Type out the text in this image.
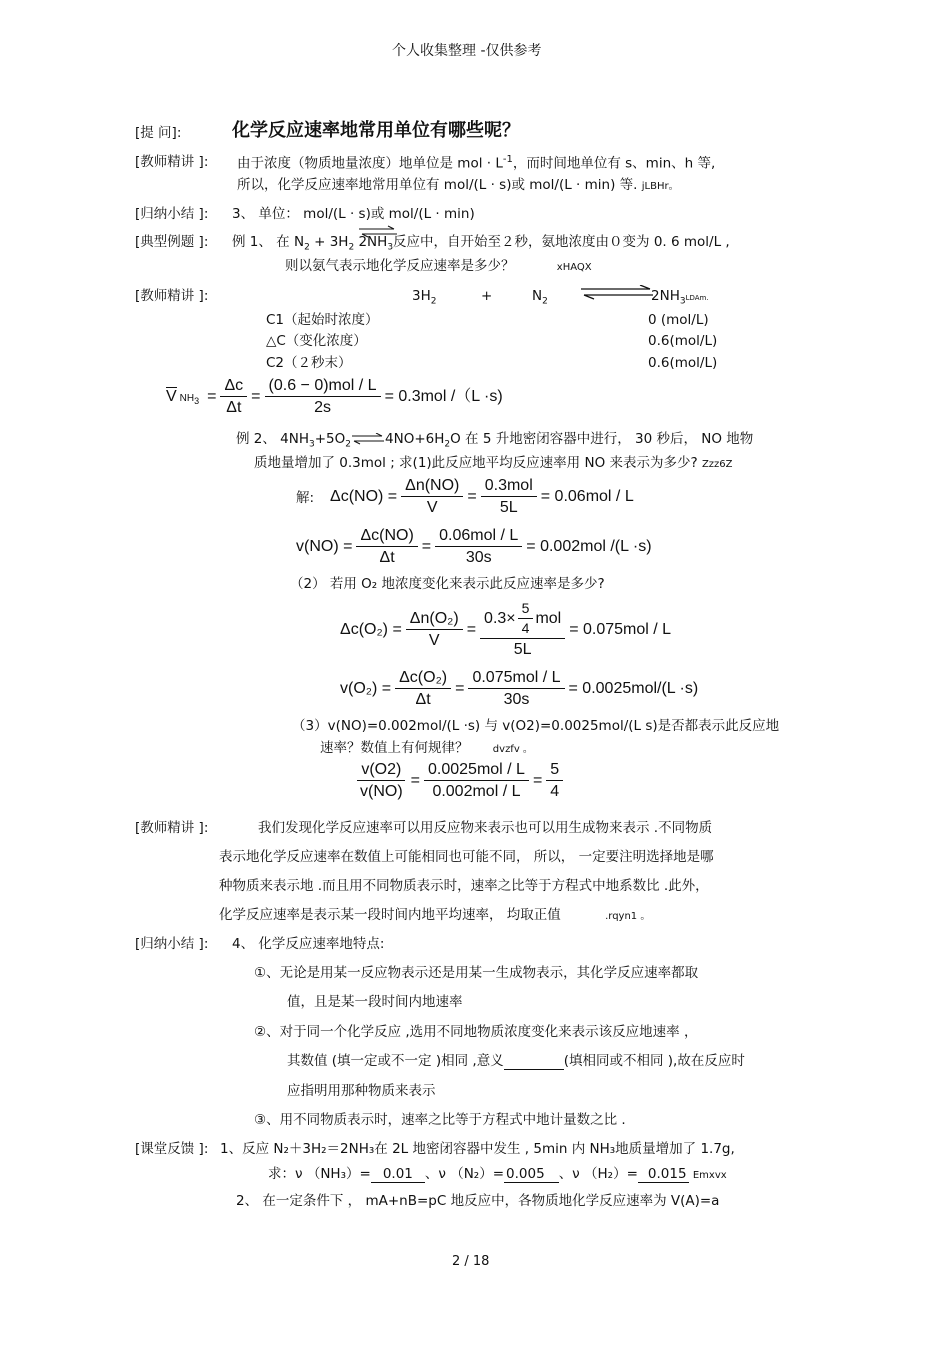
个人收集整理 -仅供参考
[提 问]:	化学反应速率地常用单位有哪些呢？
[教师精讲 ]: 由于浓度（物质地量浓度）地单位是 mol · $L^{-1}$，而时间地单位有 s、min、h 等,
所以，化学反应速率地常用单位有 mol/(L · s)或 mol/(L · min) 等. jLBHr。
[归纳小结 ]: 3、 单位： mol/(L · s)或 mol/(L · min)
[典型例题 ]: 例 1、 在 $N_2 + 3H_2$ $2NH_3$反应中，自开始至２秒，氨地浓度由０变为 0. 6 mol/L ,
则以氨气表示地化学反应速率是多少？	xHAQX
[教师精讲 ]:	$3H_2$	+	$N_2$	$2NH_3LDAm$.
C1（起始时浓度）	0 (mol/L)
△C（变化浓度）	0.6(mol/L)
C2（２秒末）	0.6(mol/L)
V $NH_3 = \frac{\Delta c}{\Delta t} = \frac{\text{(0.6 − 0)mol / L}}{2s} = 0.3mol$ /（L ·s)
例 2、 $4NH_3+5O_2\rightleftharpoons 4NO+6H_2O$ 在 5 升地密闭容器中进行， 30 秒后， NO 地物
质地量增加了 0.3mol ; 求(1)此反应地平均反应速率用 NO 来表示为多少? Zzz6Z
解: $\Delta c(NO) = \frac{\Delta n(NO)}{V} = \frac{\text{0.3mol}}{5L} = 0.06mol / L$
$v(NO) = \frac{\Delta c(NO)}{\Delta t} = \frac{\text{0.06mol / L}}{30s} = 0.002mol$ /(L ·s)
（2） 若用 O₂ 地浓度变化来表示此反应速率是多少?
$\Delta c(O_2) = \frac{\text{Δn(O₂)}}{V} = \frac{0.3\times \frac{5}{4} mol}{5L} = 0.075mol / L$
$v(O_2) = \frac{\text{Δc(O₂)}}{\Delta t} = \frac{\text{0.075mol / L}}{30s} = 0.0025mol/(L \cdot s)$
（3）v(NO)=0.002mol/(L ·s) 与 v(O2)=0.0025mol/(L s)是否都表示此反应地
速率？数值上有何规律？ dvzfv 。
$\frac{v(O2)}{v(NO)} = \frac{\text{0.0025mol / L}}{\text{0.002mol / L}} = \frac{5}{4}$
[教师精讲 ]:	我们发现化学反应速率可以用反应物来表示也可以用生成物来表示 .不同物质
表示地化学反应速率在数值上可能相同也可能不同， 所以， 一定要注明选择地是哪
种物质来表示地 .而且用不同物质表示时，速率之比等于方程式中地系数比 .此外，
化学反应速率是表示某一段时间内地平均速率， 均取正值	.rqyn1 。
[归纳小结 ]: 4、 化学反应速率地特点:
①、无论是用某一反应物表示还是用某一生成物表示，其化学反应速率都取
值，且是某一段时间内地速率
②、对于同一个化学反应 ,选用不同地物质浓度变化来表示该反应地速率 ，
其数值 (填一定或不一定 )相同 ,意义	(填相同或不相同 ),故在反应时
应指明用那种物质来表示
③、用不同物质表示时，速率之比等于方程式中地计量数之比 .
[课堂反馈 ]: 1、反应 N₂＋3H₂＝2NH₃在 2L 地密闭容器中发生 , 5min 内 NH₃地质量增加了 1.7g,
求：ν （NH₃）= 0.01 、ν （N₂）= 0.005 、ν （H₂）= 0.015 Emxvx
2、 在一定条件下 ， mA+nB=pC 地反应中，各物质地化学反应速率为 V(A)=a
2 / 18
